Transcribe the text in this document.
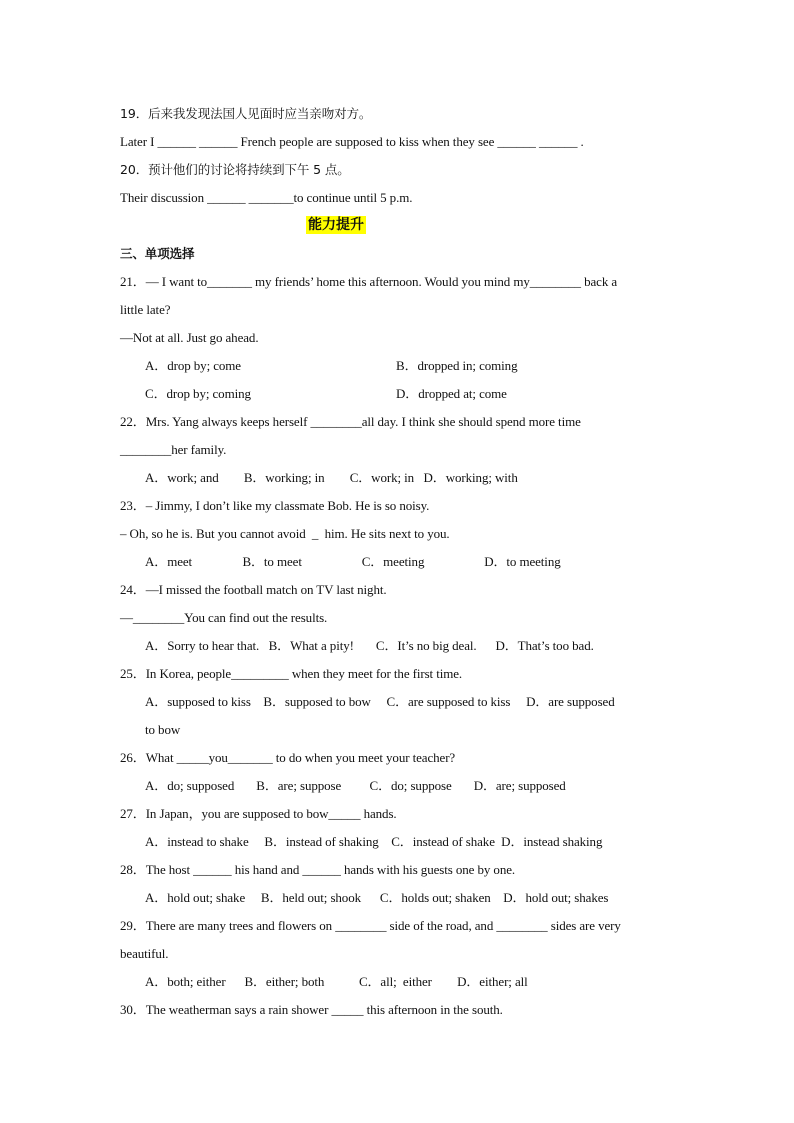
19．后来我发现法国人见面时应当亲吻对方。
Later I ______ ______ French people are supposed to kiss when they see ______ ______ .
20．预计他们的讨论将持续到下午 5 点。
Their discussion ______ _______to continue until 5 p.m.
能力提升
三、单项选择
21．— I want to_______ my friends’ home this afternoon. Would you mind my________ back a
little late?
—Not at all. Just go ahead.
A．drop by; come	B．dropped in; coming
C．drop by; coming	D．dropped at; come
22．Mrs. Yang always keeps herself ________all day. I think she should spend more time
________her family.
A．work; and        B．working; in        C．work; in   D．working; with
23．– Jimmy, I don’t like my classmate Bob. He is so noisy.
– Oh, so he is. But you cannot avoid  _  him. He sits next to you.
A．meet                B．to meet                   C．meeting                   D．to meeting
24．—I missed the football match on TV last night.
—________You can find out the results.
A．Sorry to hear that.   B．What a pity!       C．It’s no big deal.      D．That’s too bad.
25．In Korea, people_________ when they meet for the first time.
A．supposed to kiss    B．supposed to bow     C．are supposed to kiss     D．are supposed
to bow
26．What _____you_______ to do when you meet your teacher?
A．do; supposed       B．are; suppose         C．do; suppose       D．are; supposed
27．In Japan，you are supposed to bow_____ hands.
A．instead to shake     B．instead of shaking    C．instead of shake  D．instead shaking
28．The host ______ his hand and ______ hands with his guests one by one.
A．hold out; shake     B．held out; shook      C．holds out; shaken    D．hold out; shakes
29．There are many trees and flowers on ________ side of the road, and ________ sides are very
beautiful.
A．both; either      B．either; both           C．all;  either        D．either; all
30．The weatherman says a rain shower _____ this afternoon in the south.
